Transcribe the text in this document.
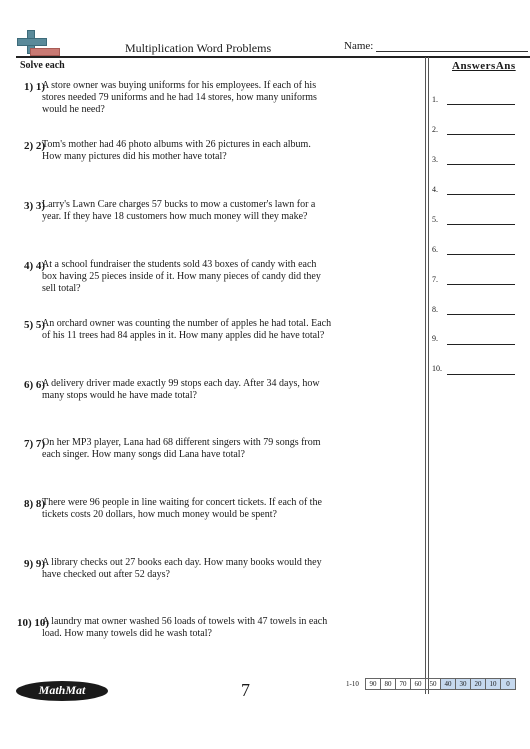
Multiplication Word Problems	Name:
Solve each	AnswersAns
1.
2.
3.
4.
5.
6.
7.
8.
9.
10.
1) 1)
A store owner was buying uniforms for his employees. If each of his stores needed 79 uniforms and he had 14 stores, how many uniforms would he need?
2) 2)
Tom's mother had 46 photo albums with 26 pictures in each album. How many pictures did his mother have total?
3) 3)
Larry's Lawn Care charges 57 bucks to mow a customer's lawn for a year. If they have 18 customers how much money will they make?
4) 4)
At a school fundraiser the students sold 43 boxes of candy with each box having 25 pieces inside of it. How many pieces of candy did they sell total?
5) 5)
An orchard owner was counting the number of apples he had total. Each of his 11 trees had 84 apples in it. How many apples did he have total?
6) 6)
A delivery driver made exactly 99 stops each day. After 34 days, how many stops would he have made total?
7) 7)
On her MP3 player, Lana had 68 different singers with 79 songs from each singer. How many songs did Lana have total?
8) 8)
There were 96 people in line waiting for concert tickets. If each of the tickets costs 20 dollars, how much money would be spent?
9) 9)
A library checks out 27 books each day. How many books would they have checked out after 52 days?
10) 10)
A laundry mat owner washed 56 loads of towels with 47 towels in each load. How many towels did he wash total?
MathMat	7	1-10	90	80	70	60	50	40	30	20	10	0
